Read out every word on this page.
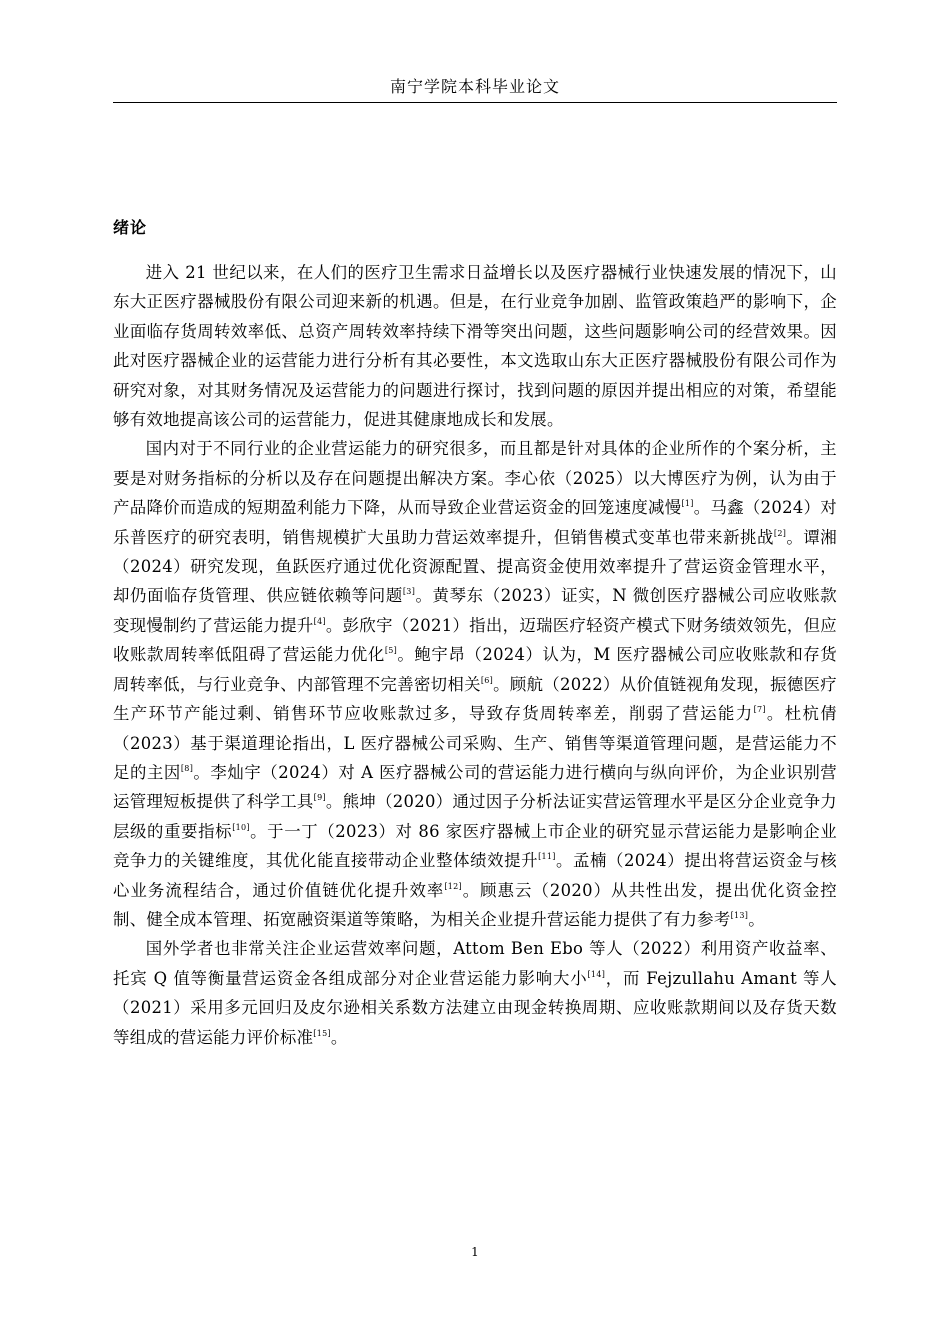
南宁学院本科毕业论文
绪论

进入 21 世纪以来，在人们的医疗卫生需求日益增长以及医疗器械行业快速发展的情况下，山东大正医疗器械股份有限公司迎来新的机遇。但是，在行业竞争加剧、监管政策趋严的影响下，企业面临存货周转效率低、总资产周转效率持续下滑等突出问题，这些问题影响公司的经营效果。因此对医疗器械企业的运营能力进行分析有其必要性，本文选取山东大正医疗器械股份有限公司作为研究对象，对其财务情况及运营能力的问题进行探讨，找到问题的原因并提出相应的对策，希望能够有效地提高该公司的运营能力，促进其健康地成长和发展。

国内对于不同行业的企业营运能力的研究很多，而且都是针对具体的企业所作的个案分析，主要是对财务指标的分析以及存在问题提出解决方案。李心依（2025）以大博医疗为例，认为由于产品降价而造成的短期盈利能力下降，从而导致企业营运资金的回笼速度减慢[1]。马鑫（2024）对乐普医疗的研究表明，销售规模扩大虽助力营运效率提升，但销售模式变革也带来新挑战[2]。谭湘（2024）研究发现，鱼跃医疗通过优化资源配置、提高资金使用效率提升了营运资金管理水平，却仍面临存货管理、供应链依赖等问题[3]。黄琴东（2023）证实，N 微创医疗器械公司应收账款变现慢制约了营运能力提升[4]。彭欣宇（2021）指出，迈瑞医疗轻资产模式下财务绩效领先，但应收账款周转率低阻碍了营运能力优化[5]。鲍宇昂（2024）认为，M 医疗器械公司应收账款和存货周转率低，与行业竞争、内部管理不完善密切相关[6]。顾航（2022）从价值链视角发现，振德医疗生产环节产能过剩、销售环节应收账款过多，导致存货周转率差，削弱了营运能力[7]。杜杭倩（2023）基于渠道理论指出，L 医疗器械公司采购、生产、销售等渠道管理问题，是营运能力不足的主因[8]。李灿宇（2024）对 A 医疗器械公司的营运能力进行横向与纵向评价，为企业识别营运管理短板提供了科学工具[9]。熊坤（2020）通过因子分析法证实营运管理水平是区分企业竞争力层级的重要指标[10]。于一丁（2023）对 86 家医疗器械上市企业的研究显示营运能力是影响企业竞争力的关键维度，其优化能直接带动企业整体绩效提升[11]。孟楠（2024）提出将营运资金与核心业务流程结合，通过价值链优化提升效率[12]。顾惠云（2020）从共性出发，提出优化资金控制、健全成本管理、拓宽融资渠道等策略，为相关企业提升营运能力提供了有力参考[13]。

国外学者也非常关注企业运营效率问题，Attom Ben Ebo 等人（2022）利用资产收益率、托宾 Q 值等衡量营运资金各组成部分对企业营运能力影响大小[14]，而 Fejzullahu Amant 等人（2021）采用多元回归及皮尔逊相关系数方法建立由现金转换周期、应收账款期间以及存货天数等组成的营运能力评价标准[15]。

1
